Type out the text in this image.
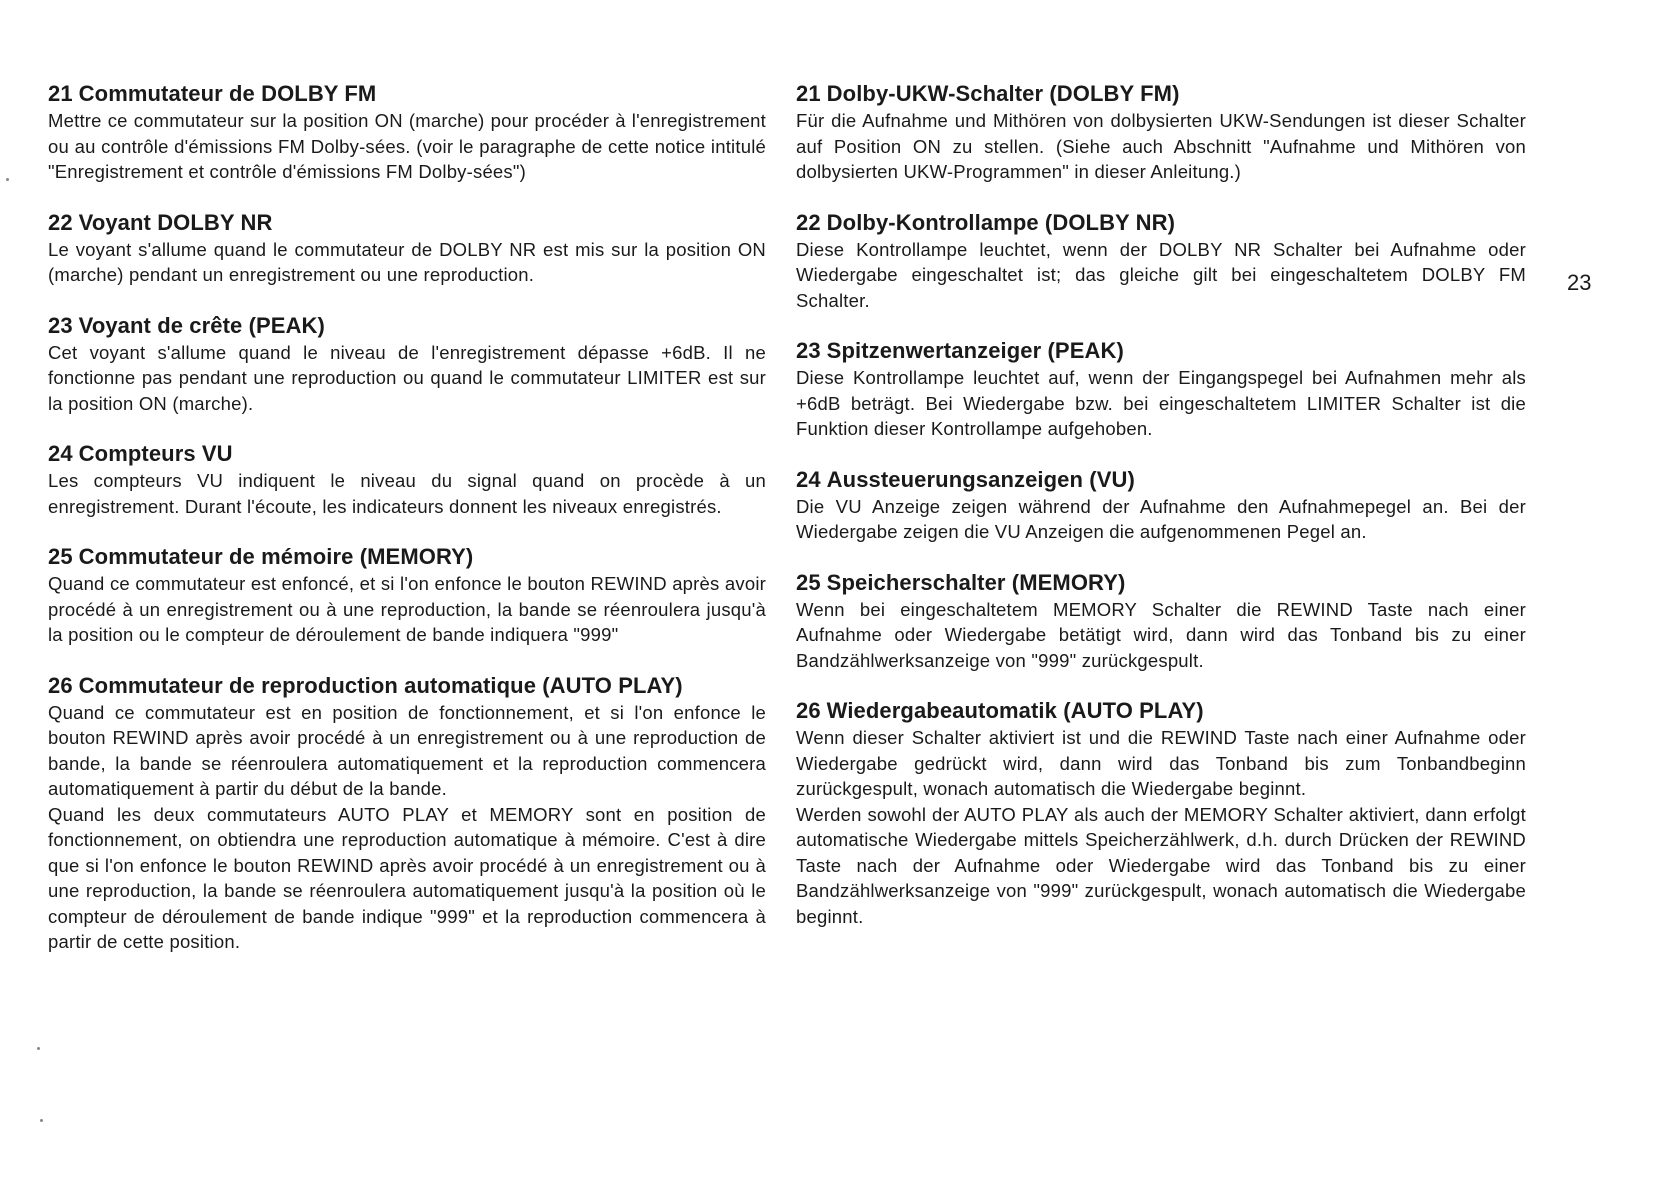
21 Commutateur de DOLBY FM

Mettre ce commutateur sur la position ON (marche) pour procéder à l'enregistrement ou au contrôle d'émissions FM Dolby-sées. (voir le paragraphe de cette notice intitulé "Enregistrement et contrôle d'émissions FM Dolby-sées")

22 Voyant DOLBY NR

Le voyant s'allume quand le commutateur de DOLBY NR est mis sur la position ON (marche) pendant un enregistrement ou une reproduction.

23 Voyant de crête (PEAK)

Cet voyant s'allume quand le niveau de l'enregistrement dépasse +6dB. Il ne fonctionne pas pendant une reproduction ou quand le commutateur LIMITER est sur la position ON (marche).

24 Compteurs VU

Les compteurs VU indiquent le niveau du signal quand on procède à un enregistrement. Durant l'écoute, les indicateurs donnent les niveaux enregistrés.

25 Commutateur de mémoire (MEMORY)

Quand ce commutateur est enfoncé, et si l'on enfonce le bouton REWIND après avoir procédé à un enregistrement ou à une reproduction, la bande se réenroulera jusqu'à la position ou le compteur de déroulement de bande indiquera "999"

26 Commutateur de reproduction automatique (AUTO PLAY)

Quand ce commutateur est en position de fonctionnement, et si l'on enfonce le bouton REWIND après avoir procédé à un enregistrement ou à une reproduction de bande, la bande se réenroulera automatiquement et la reproduction commencera automatiquement à partir du début de la bande.

Quand les deux commutateurs AUTO PLAY et MEMORY sont en position de fonctionnement, on obtiendra une reproduction automatique à mémoire. C'est à dire que si l'on enfonce le bouton REWIND après avoir procédé à un enregistrement ou à une reproduction, la bande se réenroulera automatiquement jusqu'à la position où le compteur de déroulement de bande indique "999" et la reproduction commencera à partir de cette position.

21 Dolby-UKW-Schalter (DOLBY FM)

Für die Aufnahme und Mithören von dolbysierten UKW-Sendungen ist dieser Schalter auf Position ON zu stellen. (Siehe auch Abschnitt "Aufnahme und Mithören von dolbysierten UKW-Programmen" in dieser Anleitung.)

22 Dolby-Kontrollampe (DOLBY NR)

Diese Kontrollampe leuchtet, wenn der DOLBY NR Schalter bei Aufnahme oder Wiedergabe eingeschaltet ist; das gleiche gilt bei eingeschaltetem DOLBY FM Schalter.

23 Spitzenwertanzeiger (PEAK)

Diese Kontrollampe leuchtet auf, wenn der Eingangspegel bei Aufnahmen mehr als +6dB beträgt. Bei Wiedergabe bzw. bei eingeschaltetem LIMITER Schalter ist die Funktion dieser Kontrollampe aufgehoben.

24 Aussteuerungsanzeigen (VU)

Die VU Anzeige zeigen während der Aufnahme den Aufnahmepegel an. Bei der Wiedergabe zeigen die VU Anzeigen die aufgenommenen Pegel an.

25 Speicherschalter (MEMORY)

Wenn bei eingeschaltetem MEMORY Schalter die REWIND Taste nach einer Aufnahme oder Wiedergabe betätigt wird, dann wird das Tonband bis zu einer Bandzählwerksanzeige von "999" zurückgespult.

26 Wiedergabeautomatik (AUTO PLAY)

Wenn dieser Schalter aktiviert ist und die REWIND Taste nach einer Aufnahme oder Wiedergabe gedrückt wird, dann wird das Tonband bis zum Tonbandbeginn zurückgespult, wonach automatisch die Wiedergabe beginnt.

Werden sowohl der AUTO PLAY als auch der MEMORY Schalter aktiviert, dann erfolgt automatische Wiedergabe mittels Speicherzählwerk, d.h. durch Drücken der REWIND Taste nach der Aufnahme oder Wiedergabe wird das Tonband bis zu einer Bandzählwerksanzeige von "999" zurückgespult, wonach automatisch die Wiedergabe beginnt.

23
